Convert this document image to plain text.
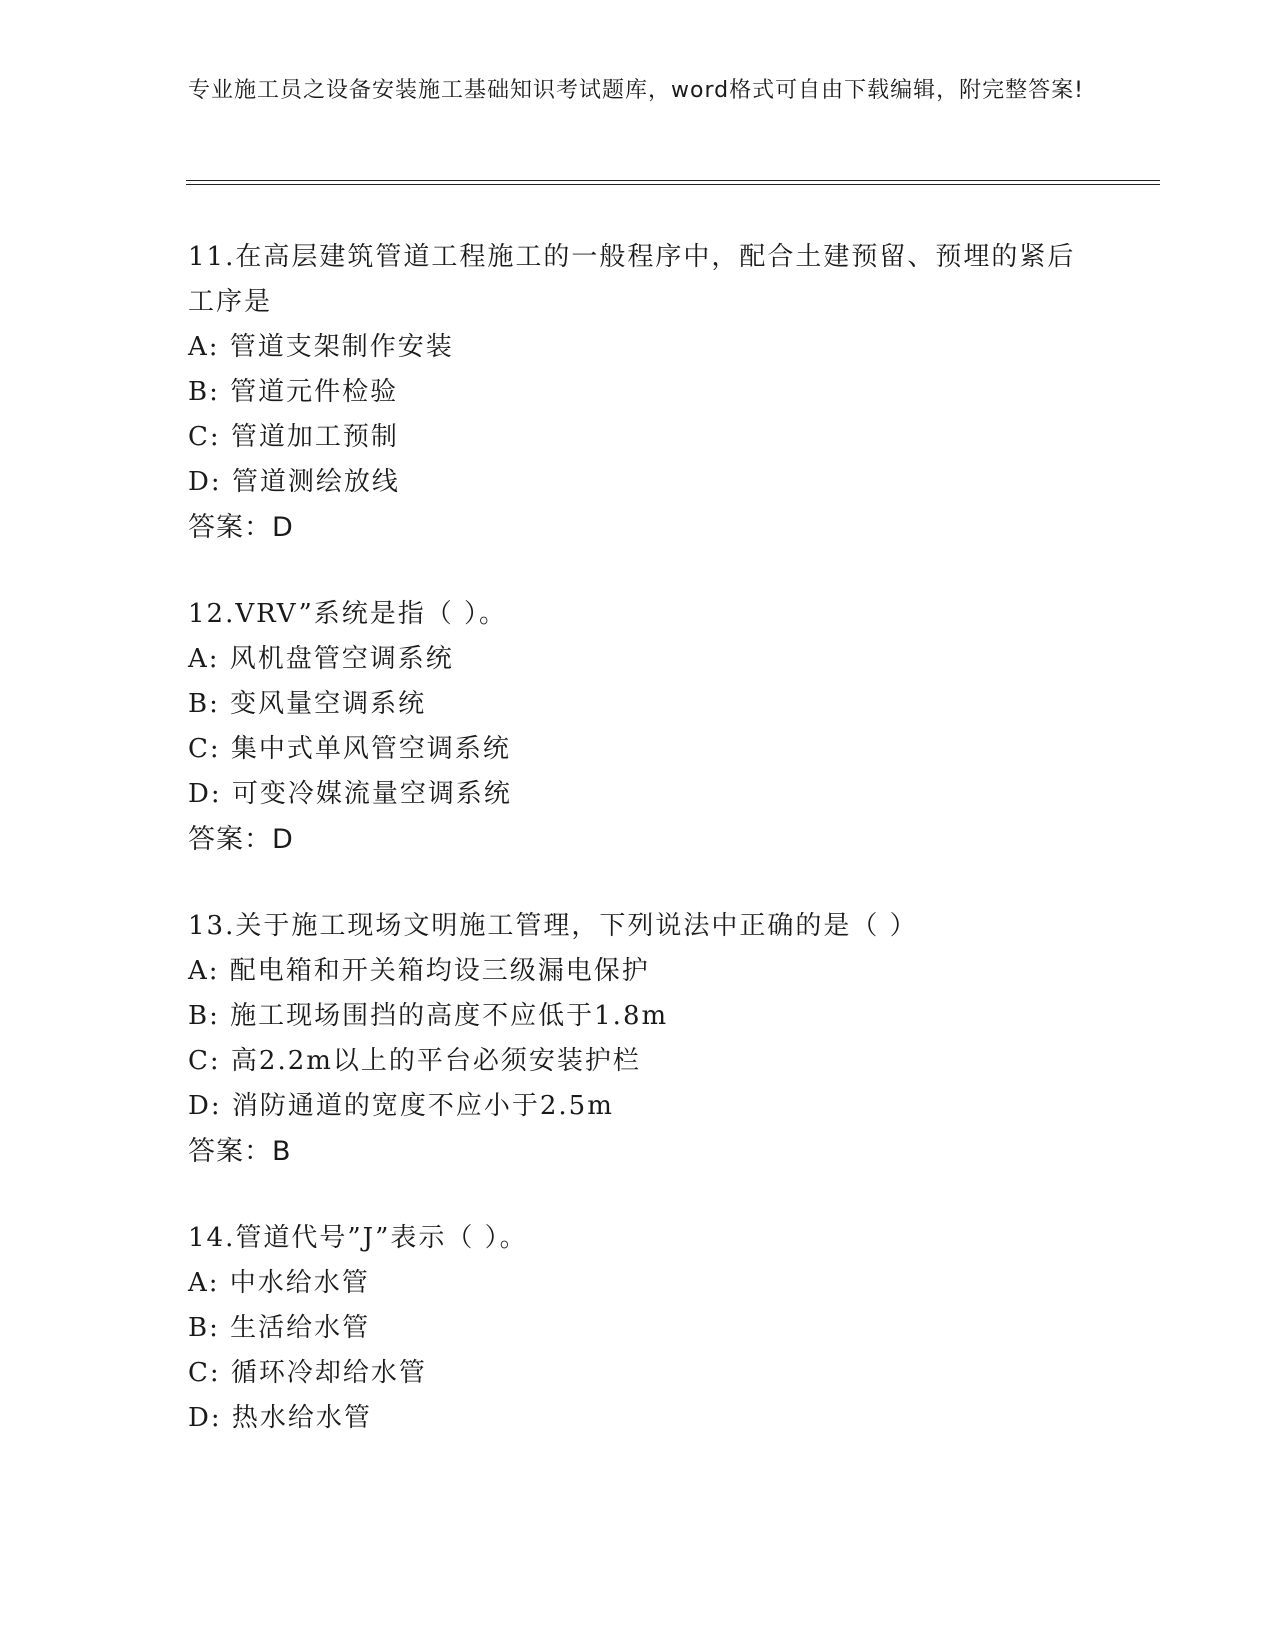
专业施工员之设备安装施工基础知识考试题库，word格式可自由下载编辑，附完整答案!
11.在高层建筑管道工程施工的一般程序中，配合土建预留、预埋的紧后工序是
A: 管道支架制作安装
B: 管道元件检验
C: 管道加工预制
D: 管道测绘放线
答案：D
12.VRV”系统是指（ ）。
A: 风机盘管空调系统
B: 变风量空调系统
C: 集中式单风管空调系统
D: 可变冷媒流量空调系统
答案：D
13.关于施工现场文明施工管理，下列说法中正确的是（ ）
A: 配电箱和开关箱均设三级漏电保护
B: 施工现场围挡的高度不应低于1.8m
C: 高2.2m以上的平台必须安装护栏
D: 消防通道的宽度不应小于2.5m
答案：B
14.管道代号”J”表示（ ）。
A: 中水给水管
B: 生活给水管
C: 循环冷却给水管
D: 热水给水管
